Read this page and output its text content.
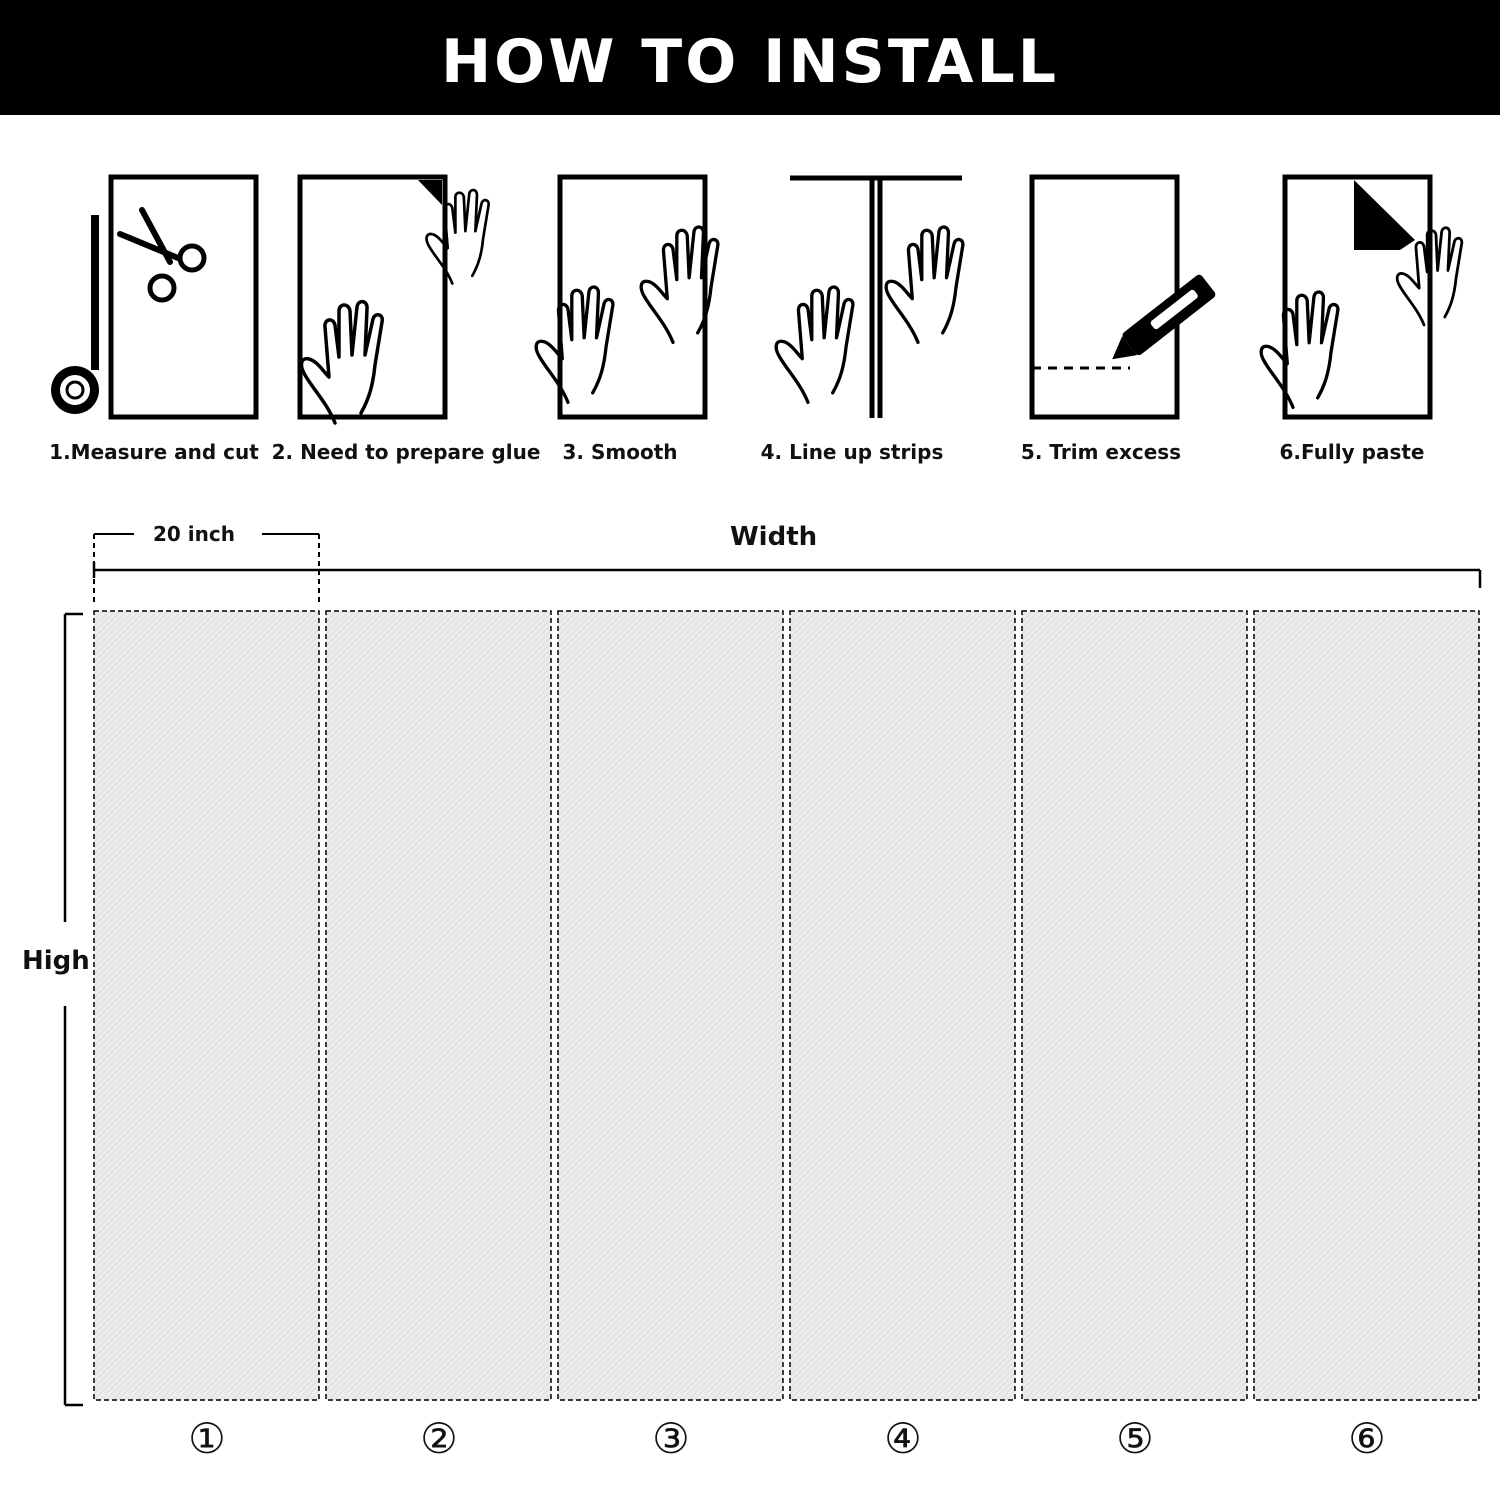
HOW TO INSTALL
1.Measure and cut 2. Need to prepare glue 3. Smooth	4. Line up strips	5. Trim excess	6.Fully paste
20 inch	Width
High
①	②	③	④	⑤	⑥
